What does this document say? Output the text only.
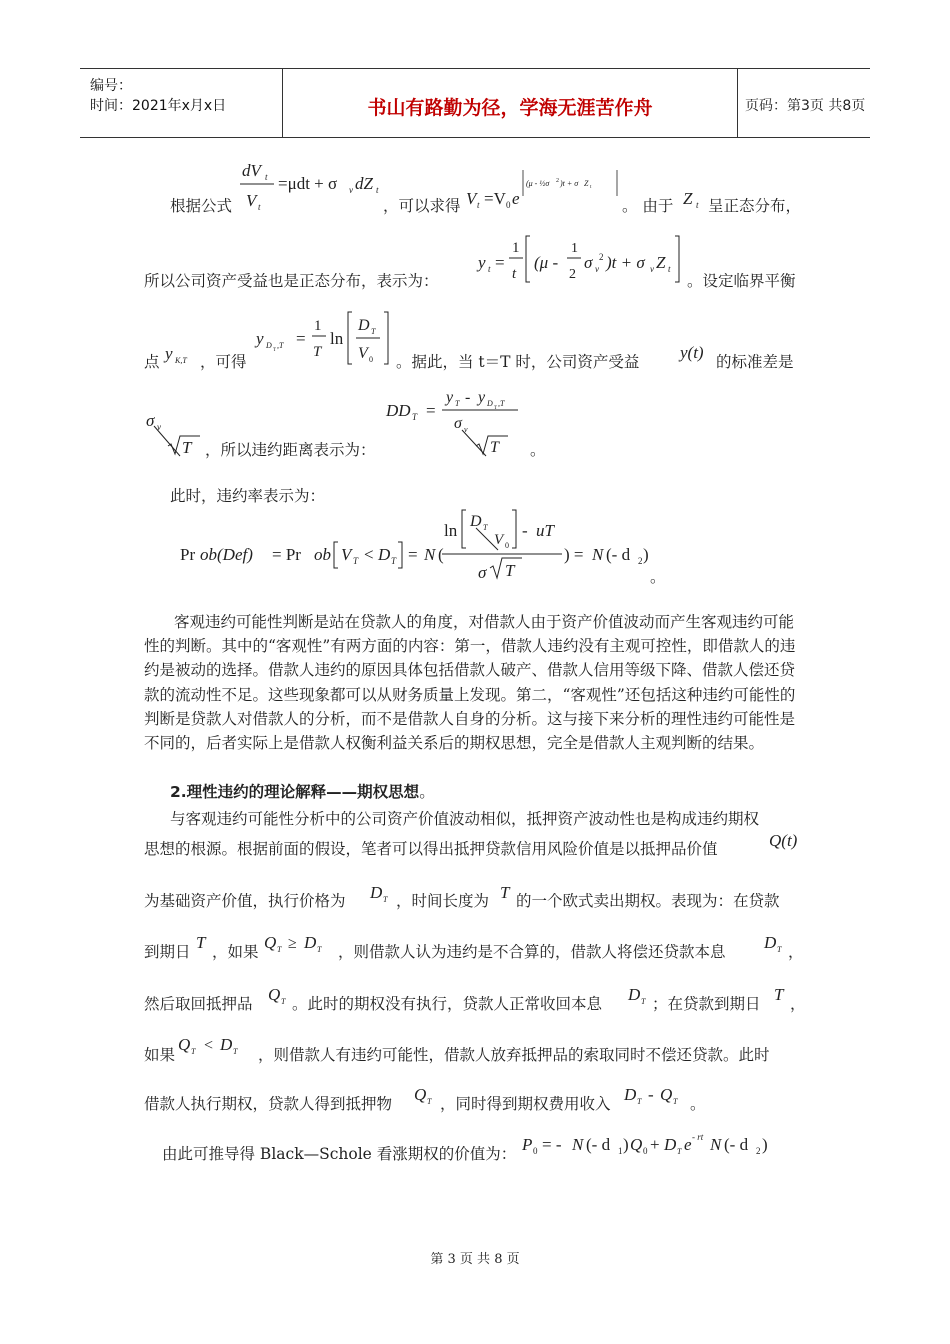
编号：
时间：2021年x月x日	书山有路勤为径，学海无涯苦作舟	页码：第3页 共8页
根据公式
dV t
V t
=μdt + σ v dZ t
，可以求得 V t =V 0 e
(μ - ½σ 2 )t + σ Z t
。 由于 Z t 呈正态分布，
所以公司资产受益也是正态分布，表示为：
y t =
1
t
(μ -
1
2
σ v
2 )t + σ v Z t
。设定临界平衡
点 y K,T ，可得
y D
T
,T =
1
T
ln
D T
V 0 。据此，当 t＝T 时，公司资产受益 y(t) 的标准差是
σ v
T ，所以违约距离表示为：
DD T =
y T - y D
T
,T
σ v
T 。
此时，违约率表示为：
Pr ob(Def) = Pr ob V T < D T = N (
ln D T
V 0
- uT
σ T
) = N (- d 2 )
。

客观违约可能性判断是站在贷款人的角度，对借款人由于资产价值波动而产生客观违约可能性的判断。其中的“客观性”有两方面的内容：第一，借款人违约没有主观可控性，即借款人的违约是被动的选择。借款人违约的原因具体包括借款人破产、借款人信用等级下降、借款人偿还贷款的流动性不足。这些现象都可以从财务质量上发现。第二，“客观性”还包括这种违约可能性的判断是贷款人对借款人的分析，而不是借款人自身的分析。这与接下来分析的理性违约可能性是不同的，后者实际上是借款人权衡利益关系后的期权思想，完全是借款人主观判断的结果。

2.理性违约的理论解释——期权思想。
与客观违约可能性分析中的公司资产价值波动相似，抵押资产波动性也是构成违约期权
思想的根源。根据前面的假设，笔者可以得出抵押贷款信用风险价值是以抵押品价值	Q(t)
为基础资产价值，执行价格为 D T ，时间长度为 T 的一个欧式卖出期权。表现为：在贷款
到期日 T ，如果 Q T ≥ D T ，则借款人认为违约是不合算的，借款人将偿还贷款本息 D T ，
然后取回抵押品 Q T 。此时的期权没有执行，贷款人正常收回本息 D T ；在贷款到期日 T ，
如果
Q T < D T ，则借款人有违约可能性，借款人放弃抵押品的索取同时不偿还贷款。此时
借款人执行期权，贷款人得到抵押物 Q T ，同时得到期权费用收入 D T - Q T 。
由此可推导得 Black—Schole 看涨期权的价值为： P 0 = - N (- d 1 ) Q 0 + D T e - rt N (- d 2 )
第 3 页 共 8 页
